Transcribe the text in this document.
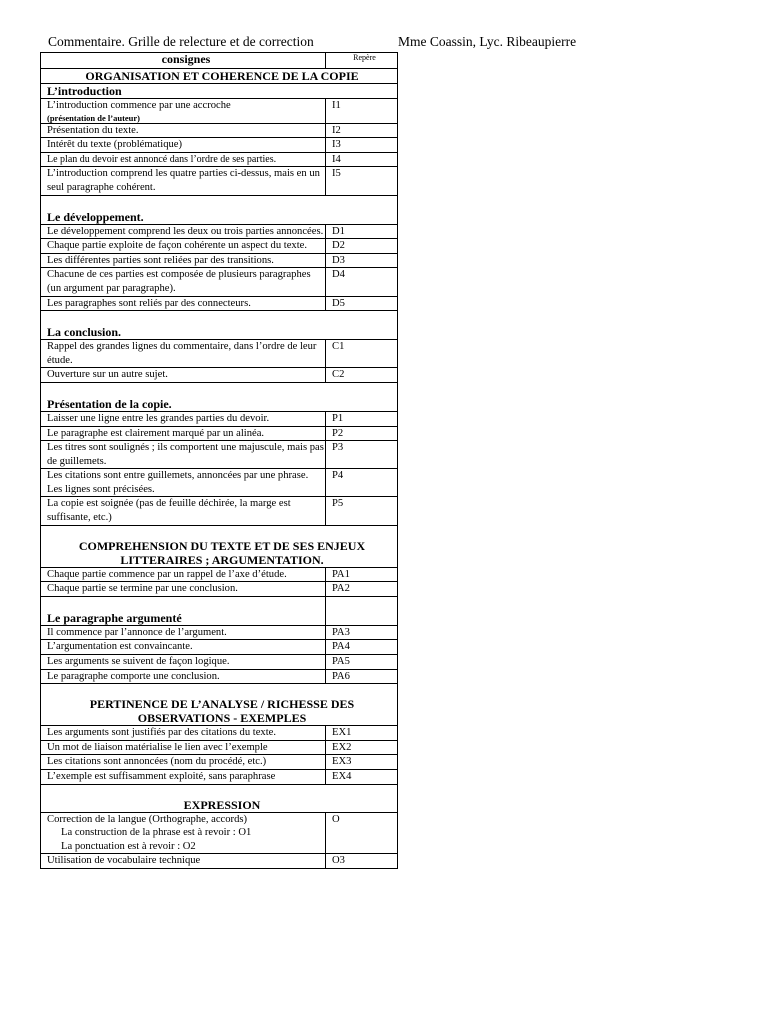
Commentaire. Grille de relecture et de correction	Mme Coassin, Lyc. Ribeaupierre
consignes	Repère
ORGANISATION ET COHERENCE DE LA COPIE	
L’introduction	
L’introduction commence par une accroche
(présentation de l’auteur)	I1
Présentation du texte.	I2
Intérêt du texte (problématique)	I3
Le plan du devoir est annoncé dans l’ordre de ses parties.	I4
L’introduction comprend les quatre parties ci-dessus, mais en un seul paragraphe cohérent.	I5
Le développement.	
Le développement comprend les deux ou trois parties annoncées.	D1
Chaque partie exploite de façon cohérente un aspect du texte.	D2
Les différentes parties sont reliées par des transitions.	D3
Chacune de ces parties est composée de plusieurs paragraphes (un argument par paragraphe).	D4
Les paragraphes sont reliés par des connecteurs.	D5
La conclusion.	
Rappel des grandes lignes du commentaire, dans l’ordre de leur étude.	C1
Ouverture sur un autre sujet.	C2
Présentation de la copie.	
Laisser une ligne entre les grandes parties du devoir.	P1
Le paragraphe est clairement marqué par un alinéa.	P2
Les titres sont soulignés ; ils comportent une majuscule, mais pas de guillemets.	P3
Les citations sont entre guillemets, annoncées par une phrase. Les lignes sont précisées.	P4
La copie est soignée (pas de feuille déchirée, la marge est suffisante, etc.)	P5
COMPREHENSION DU TEXTE ET DE SES ENJEUX LITTERAIRES ; ARGUMENTATION.	
Chaque partie commence par un rappel de l’axe d’étude.	PA1
Chaque partie se termine par une conclusion.	PA2
Le paragraphe argumenté	
Il commence par l’annonce de l’argument.	PA3
L’argumentation est convaincante.	PA4
Les arguments se suivent de façon logique.	PA5
Le paragraphe comporte une conclusion.	PA6
PERTINENCE DE L’ANALYSE / RICHESSE DES OBSERVATIONS - EXEMPLES	
Les arguments sont justifiés par des citations du texte.	EX1
Un mot de liaison matérialise le lien avec l’exemple	EX2
Les citations sont annoncées (nom du procédé, etc.)	EX3
L’exemple est suffisamment exploité, sans paraphrase	EX4
EXPRESSION	
Correction de la langue (Orthographe, accords)
La construction de la phrase est à revoir : O1
La ponctuation est à revoir : O2	O
Utilisation de vocabulaire technique	O3
